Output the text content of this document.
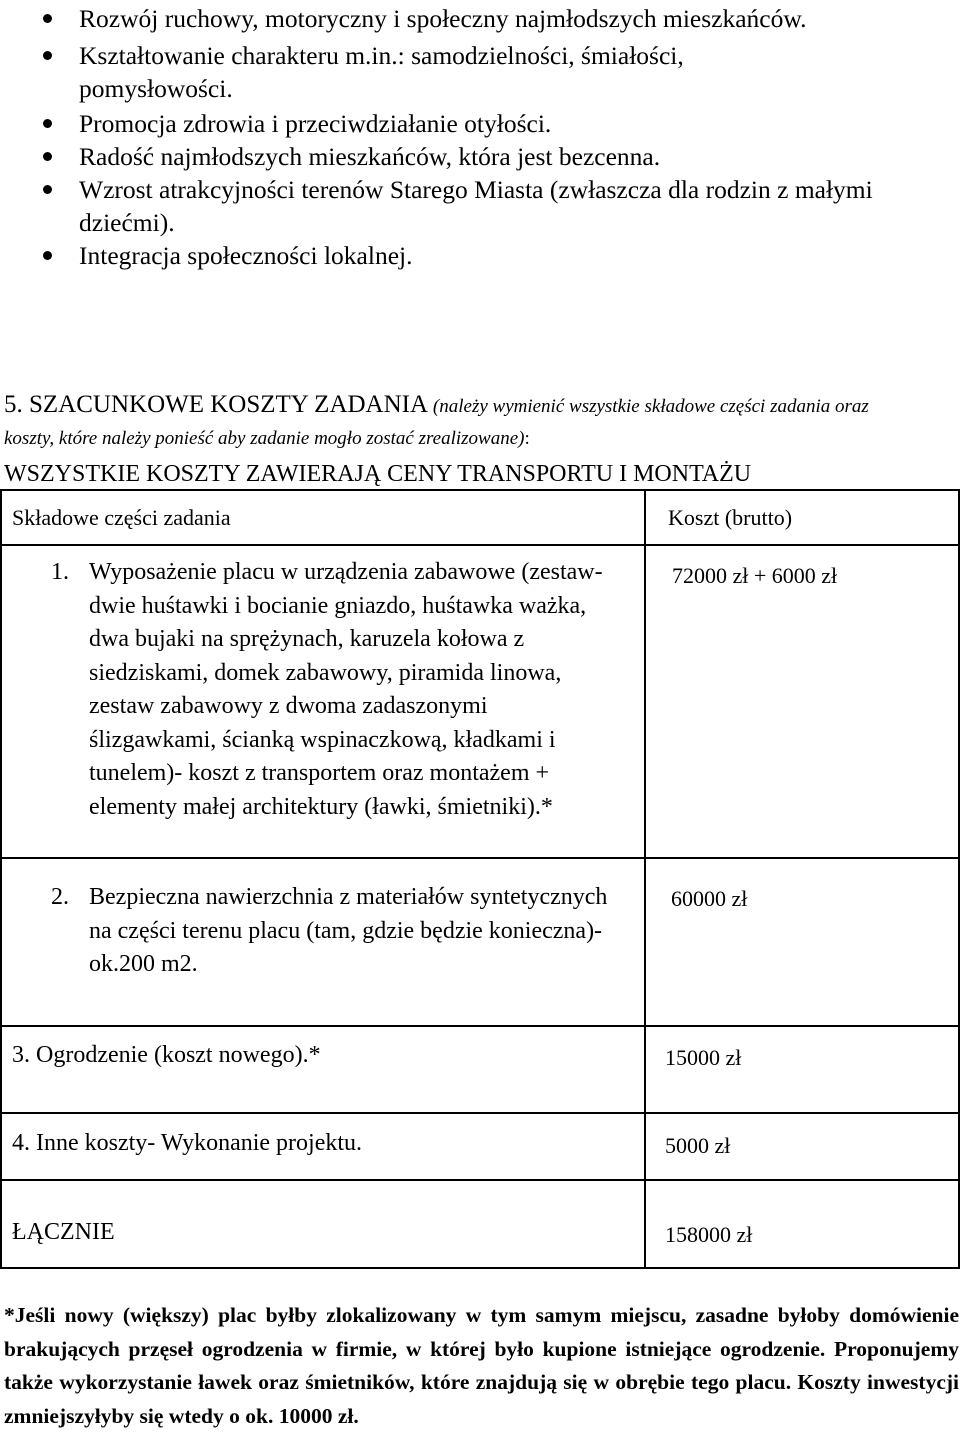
Rozwój ruchowy, motoryczny i społeczny najmłodszych mieszkańców.
Kształtowanie charakteru m.in.: samodzielności, śmiałości, pomysłowości.
Promocja zdrowia i przeciwdziałanie otyłości.
Radość najmłodszych mieszkańców, która jest bezcenna.
Wzrost atrakcyjności terenów Starego Miasta (zwłaszcza dla rodzin z małymi dziećmi).
Integracja społeczności lokalnej.
5. SZACUNKOWE KOSZTY ZADANIA (należy wymienić wszystkie składowe części zadania oraz
koszty, które należy ponieść aby zadanie mogło zostać zrealizowane):
WSZYSTKIE KOSZTY ZAWIERAJĄ CENY TRANSPORTU I MONTAŻU
Składowe części zadania	Koszt (brutto)
1. Wyposażenie placu w urządzenia zabawowe (zestaw-
dwie huśtawki i bocianie gniazdo, huśtawka ważka,
dwa bujaki na sprężynach, karuzela kołowa z
siedziskami, domek zabawowy, piramida linowa,
zestaw zabawowy z dwoma zadaszonymi
ślizgawkami, ścianką wspinaczkową, kładkami i
tunelem)- koszt z transportem oraz montażem +
elementy małej architektury (ławki, śmietniki).*
72000 zł + 6000 zł
2. Bezpieczna nawierzchnia z materiałów syntetycznych
na części terenu placu (tam, gdzie będzie konieczna)-
ok.200 m2.
60000 zł
3. Ogrodzenie (koszt nowego).*	15000 zł
4. Inne koszty- Wykonanie projektu.	5000 zł
ŁĄCZNIE	158000 zł
*Jeśli nowy (większy) plac byłby zlokalizowany w tym samym miejscu, zasadne byłoby domówienie brakujących przęseł ogrodzenia w firmie, w której było kupione istniejące ogrodzenie. Proponujemy także wykorzystanie ławek oraz śmietników, które znajdują się w obrębie tego placu. Koszty inwestycji zmniejszyłyby się wtedy o ok. 10000 zł.
